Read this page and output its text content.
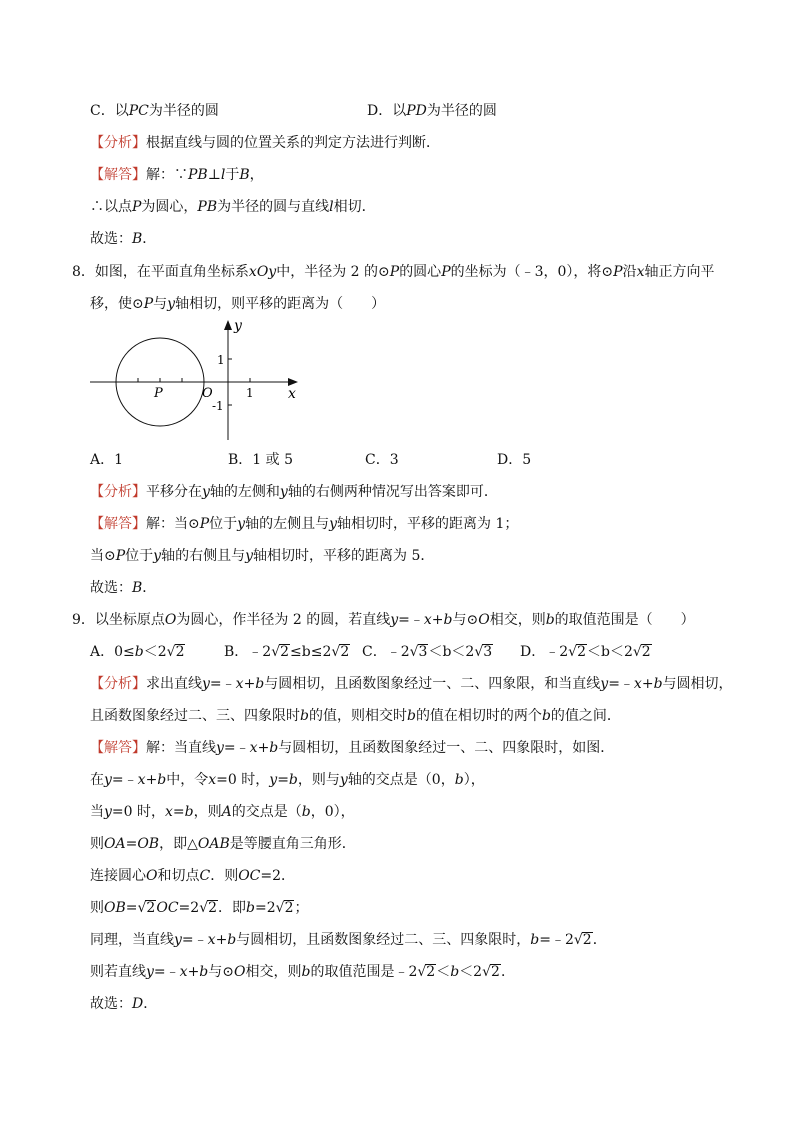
C．以PC为半径的圆	D．以PD为半径的圆
【分析】根据直线与圆的位置关系的判定方法进行判断．
【解答】解：∵PB⊥l于B，
∴以点P为圆心，PB为半径的圆与直线l相切．
故选：B．
8．如图，在平面直角坐标系xOy中，半径为 2 的⊙P的圆心P的坐标为（﹣3，0），将⊙P沿x轴正方向平
移，使⊙P与y轴相切，则平移的距离为（　　）
y
x
O
1
-1
1
P
A．1	B．1 或 5	C．3	D．5
【分析】平移分在y轴的左侧和y轴的右侧两种情况写出答案即可．
【解答】解：当⊙P位于y轴的左侧且与y轴相切时，平移的距离为 1；
当⊙P位于y轴的右侧且与y轴相切时，平移的距离为 5．
故选：B．
9．以坐标原点O为圆心，作半径为 2 的圆，若直线y=﹣x+b与⊙O相交，则b的取值范围是（　　）
A．0≤b＜2√2	B．﹣2√2≤b≤2√2 C．﹣2√3＜b＜2√3 D．﹣2√2＜b＜2√2
【分析】求出直线y=﹣x+b与圆相切，且函数图象经过一、二、四象限，和当直线y=﹣x+b与圆相切，
且函数图象经过二、三、四象限时b的值，则相交时b的值在相切时的两个b的值之间．
【解答】解：当直线y=﹣x+b与圆相切，且函数图象经过一、二、四象限时，如图．
在y=﹣x+b中，令x=0 时，y=b，则与y轴的交点是（0，b），
当y=0 时，x=b，则A的交点是（b，0），
则OA=OB，即△OAB是等腰直角三角形．
连接圆心O和切点C．则OC=2．
则OB=√2OC=2√2．即b=2√2；
同理，当直线y=﹣x+b与圆相切，且函数图象经过二、三、四象限时，b=﹣2√2．
则若直线y=﹣x+b与⊙O相交，则b的取值范围是﹣2√2＜b＜2√2．
故选：D．
